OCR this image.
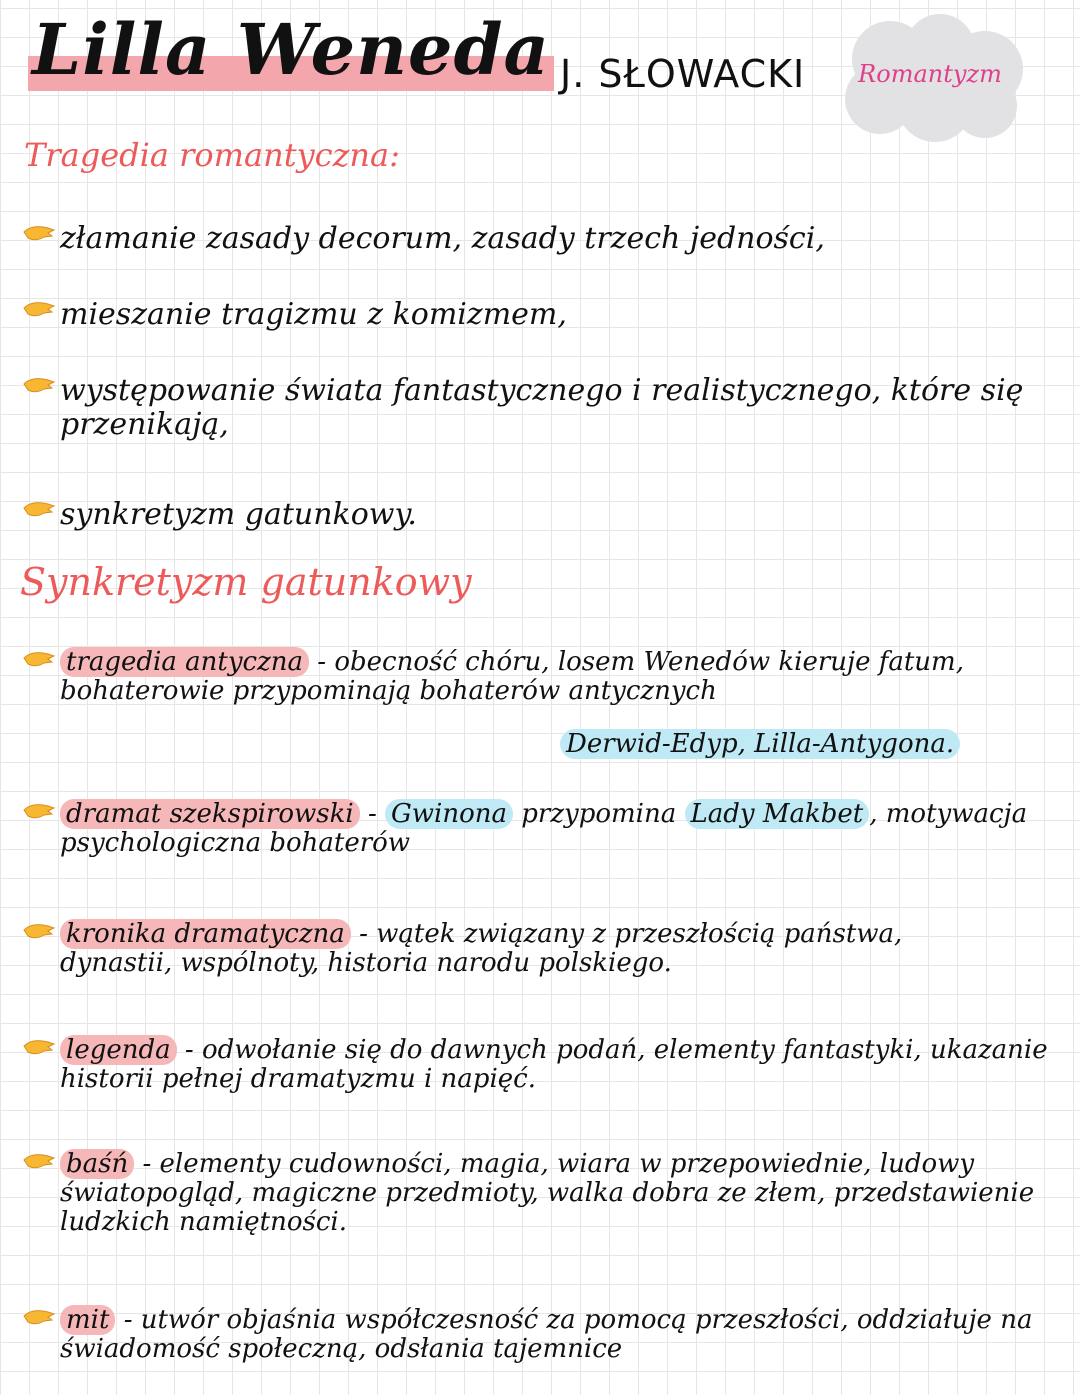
Lilla Weneda J. SŁOWACKI	Romantyzm
Tragedia romantyczna:
złamanie zasady decorum, zasady trzech jedności,
mieszanie tragizmu z komizmem,
występowanie świata fantastycznego i realistycznego, które się przenikają,
synkretyzm gatunkowy.
Synkretyzm gatunkowy
tragedia antyczna - obecność chóru, losem Wenedów kieruje fatum, bohaterowie przypominają bohaterów antycznych
Derwid-Edyp, Lilla-Antygona.
dramat szekspirowski - Gwinona przypomina Lady Makbet , motywacja psychologiczna bohaterów
kronika dramatyczna - wątek związany z przeszłością państwa, dynastii, wspólnoty, historia narodu polskiego.
legenda - odwołanie się do dawnych podań, elementy fantastyki, ukazanie historii pełnej dramatyzmu i napięć.
baśń - elementy cudowności, magia, wiara w przepowiednie, ludowy światopogląd, magiczne przedmioty, walka dobra ze złem, przedstawienie ludzkich namiętności.
mit - utwór objaśnia współczesność za pomocą przeszłości, oddziałuje na świadomość społeczną, odsłania tajemnice
